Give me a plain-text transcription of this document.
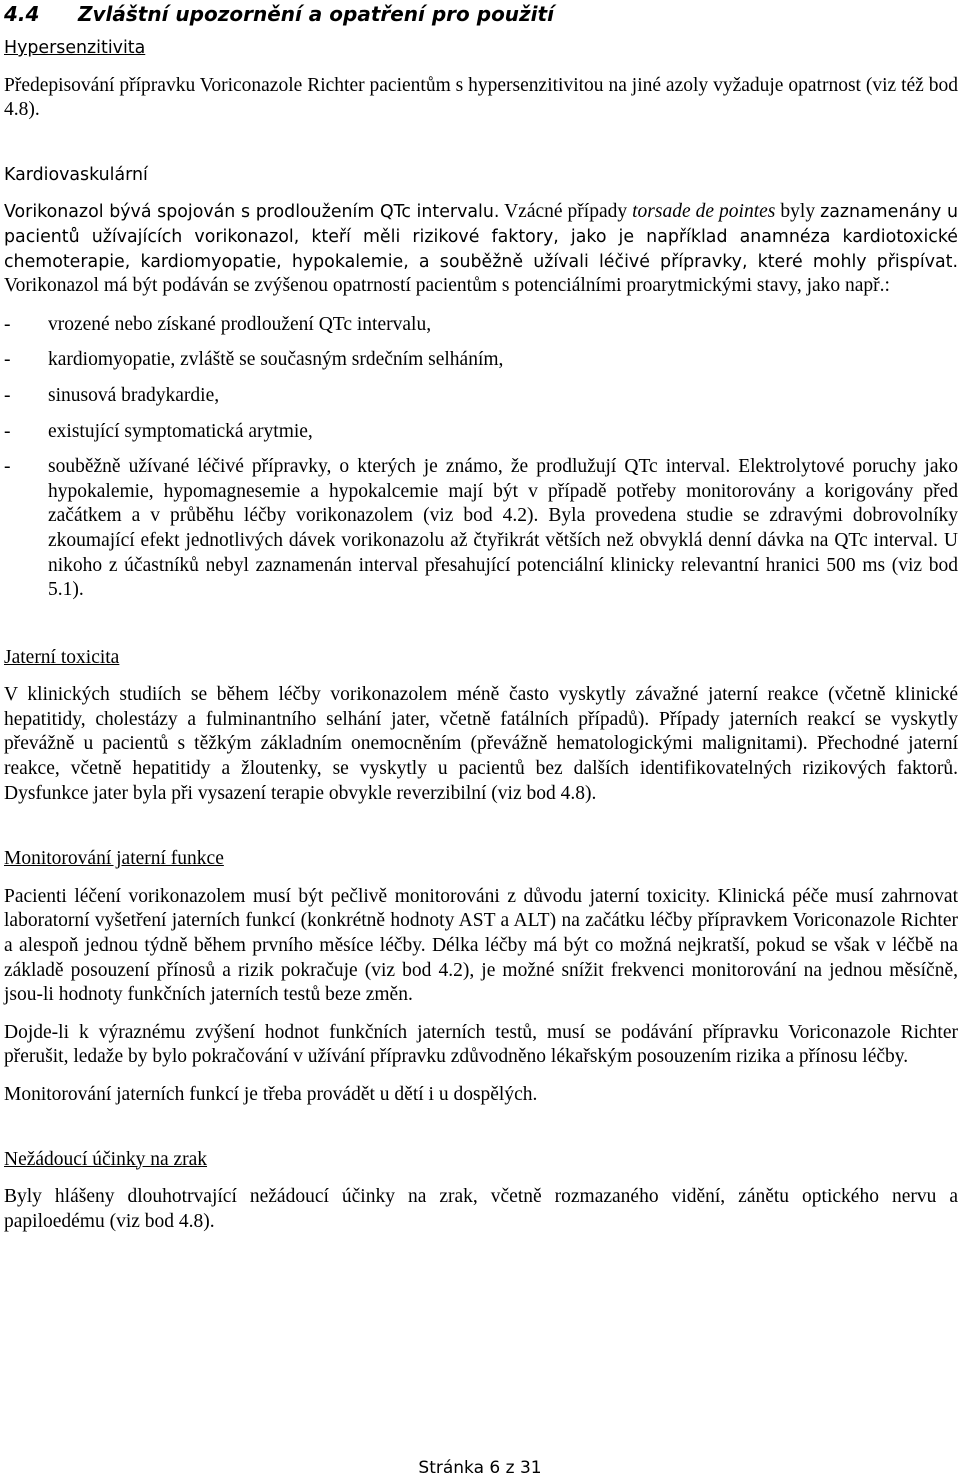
4.4	Zvláštní upozornění a opatření pro použití
Hypersenzitivita

Předepisování přípravku Voriconazole Richter pacientům s hypersenzitivitou na jiné azoly vyžaduje opatrnost (viz též bod 4.8).

Kardiovaskulární

Vorikonazol bývá spojován s prodloužením QTc intervalu. Vzácné případy torsade de pointes byly zaznamenány u pacientů užívajících vorikonazol, kteří měli rizikové faktory, jako je například anamnéza kardiotoxické chemoterapie, kardiomyopatie, hypokalemie, a souběžně užívali léčivé přípravky, které mohly přispívat. Vorikonazol má být podáván se zvýšenou opatrností pacientům s potenciálními proarytmickými stavy, jako např.:

-	vrozené nebo získané prodloužení QTc intervalu,
-	kardiomyopatie, zvláště se současným srdečním selháním,
-	sinusová bradykardie,
-	existující symptomatická arytmie,
-	souběžně užívané léčivé přípravky, o kterých je známo, že prodlužují QTc interval. Elektrolytové poruchy jako hypokalemie, hypomagnesemie a hypokalcemie mají být v případě potřeby monitorovány a korigovány před začátkem a v průběhu léčby vorikonazolem (viz bod 4.2). Byla provedena studie se zdravými dobrovolníky zkoumající efekt jednotlivých dávek vorikonazolu až čtyřikrát větších než obvyklá denní dávka na QTc interval. U nikoho z účastníků nebyl zaznamenán interval přesahující potenciální klinicky relevantní hranici 500 ms (viz bod 5.1).
Jaterní toxicita

V klinických studiích se během léčby vorikonazolem méně často vyskytly závažné jaterní reakce (včetně klinické hepatitidy, cholestázy a fulminantního selhání jater, včetně fatálních případů). Případy jaterních reakcí se vyskytly převážně u pacientů s těžkým základním onemocněním (převážně hematologickými malignitami). Přechodné jaterní reakce, včetně hepatitidy a žloutenky, se vyskytly u pacientů bez dalších identifikovatelných rizikových faktorů. Dysfunkce jater byla při vysazení terapie obvykle reverzibilní (viz bod 4.8).

Monitorování jaterní funkce

Pacienti léčení vorikonazolem musí být pečlivě monitorováni z důvodu jaterní toxicity. Klinická péče musí zahrnovat laboratorní vyšetření jaterních funkcí (konkrétně hodnoty AST a ALT) na začátku léčby přípravkem Voriconazole Richter a alespoň jednou týdně během prvního měsíce léčby. Délka léčby má být co možná nejkratší, pokud se však v léčbě na základě posouzení přínosů a rizik pokračuje (viz bod 4.2), je možné snížit frekvenci monitorování na jednou měsíčně, jsou-li hodnoty funkčních jaterních testů beze změn.

Dojde-li k výraznému zvýšení hodnot funkčních jaterních testů, musí se podávání přípravku Voriconazole Richter přerušit, ledaže by bylo pokračování v užívání přípravku zdůvodněno lékařským posouzením rizika a přínosu léčby.

Monitorování jaterních funkcí je třeba provádět u dětí i u dospělých.

Nežádoucí účinky na zrak

Byly hlášeny dlouhotrvající nežádoucí účinky na zrak, včetně rozmazaného vidění, zánětu optického nervu a papiloedému (viz bod 4.8).

Stránka 6 z 31
